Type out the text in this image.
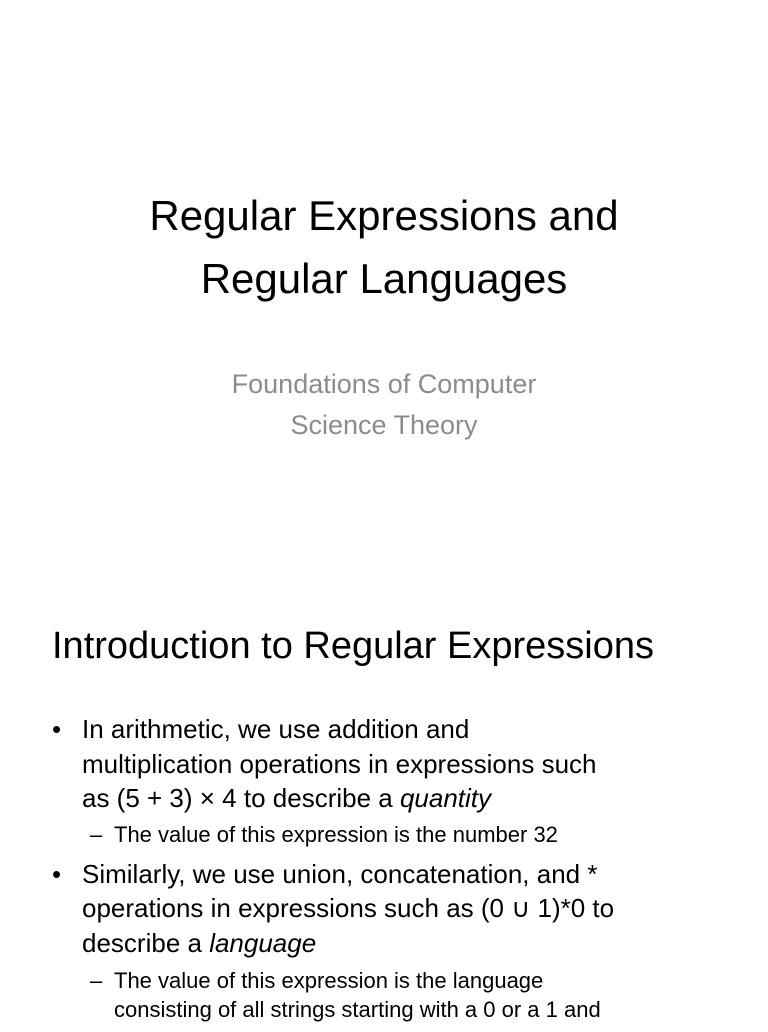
Regular Expressions and
Regular Languages
Foundations of Computer
Science Theory
Introduction to Regular Expressions
• In arithmetic, we use addition and
multiplication operations in expressions such
as (5 + 3) × 4 to describe a quantity
– The value of this expression is the number 32
• Similarly, we use union, concatenation, and *
operations in expressions such as (0 ∪ 1)*0 to
describe a language
– The value of this expression is the language
consisting of all strings starting with a 0 or a 1 and
